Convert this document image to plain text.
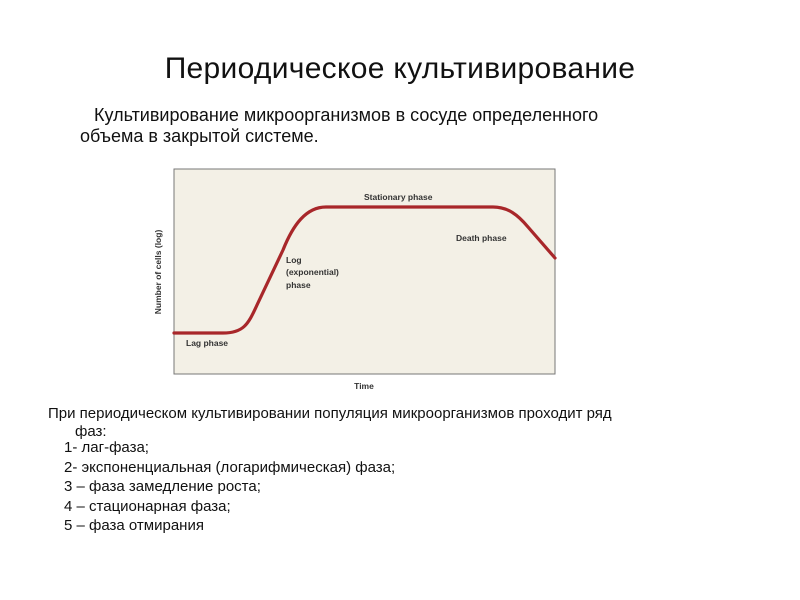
Периодическое культивирование
Культивирование микроорганизмов в сосуде определенного
объема в закрытой системе.
Lag phase
Log
(exponential)
phase
Stationary phase
Death phase
Time
Number of cells (log)
При периодическом культивировании популяция микроорганизмов проходит ряд
фаз:
1- лаг-фаза;
2- экспоненциальная (логарифмическая) фаза;
3 – фаза замедление роста;
4 – стационарная фаза;
5 – фаза отмирания
